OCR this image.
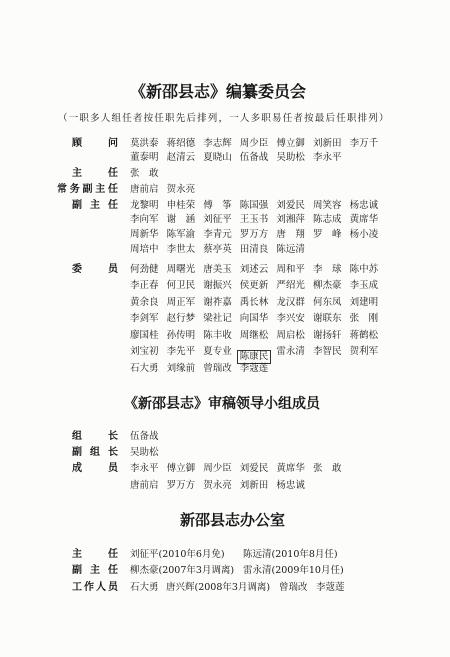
《新邵县志》编纂委员会
（一职多人组任者按任职先后排列，一人多职易任者按最后任职排列）
顾　问 莫洪泰 蒋绍德 李志辉 周少臣 傅立御 刘新田 李万千
董泰明 赵清云 夏晓山 伍备战 吴助松 李永平
主　任 张　敢
常务副主任 唐前启 贺永亮
副 主 任 龙黎明 申桂荣 傅　筝 陈国强 刘爱民 周笑容 杨忠诚
李向军 谢　涵 刘征平 王玉书 刘湘萍 陈志成 黄席华
周新华 陈军渝 李青元 罗万方 唐　翔 罗　峰 杨小凌
周培中 李世太 蔡亭英 田清良 陈远清
委　员 何劲健 周曙光 唐美玉 刘述云 周和平 李　球 陈中苏
李正春 何卫民 谢振兴 侯更新 严绍光 柳杰豪 李玉成
黄余良 周正军 谢祚嘉 禹长林 龙汉群 何东凤 刘建明
李剑军 赵行梦 梁社记 向国华 李兴安 谢联东 张　刚
廖国桂 孙传明 陈丰收 周继松 周启松 谢扬轩 蒋鹤松
刘宝初 李先平 夏专业 陈康民 雷永清 李智民 贺利军
石大勇 刘缘前 曾瑞改 李蔻莲
《新邵县志》审稿领导小组成员
组　长 伍备战
副 组 长 吴助松
成　员 李永平 傅立御 周少臣 刘爱民 黄席华 张　敢
唐前启 罗万方 贺永亮 刘新田 杨忠诚
新邵县志办公室
主　任 刘征平(2010年6月免) 陈远清(2010年8月任)
副 主 任 柳杰豪(2007年3月调离) 雷永清(2009年10月任)
工作人员 石大勇 唐兴辉(2008年3月调离) 曾瑞改 李蔻莲
